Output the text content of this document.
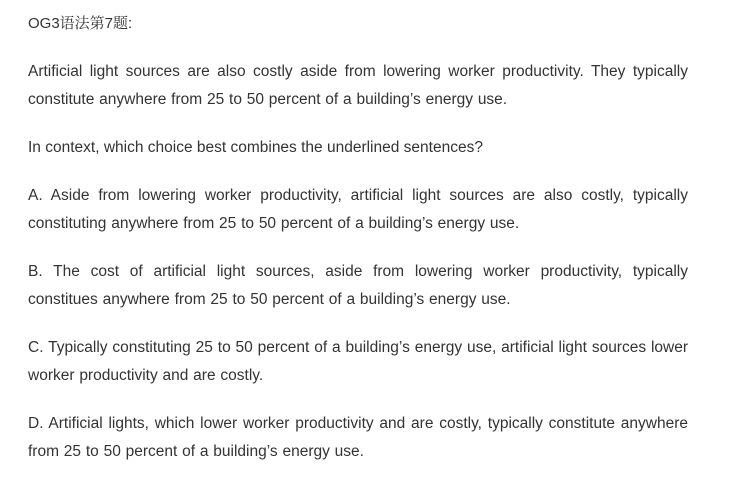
OG3语法第7题:

Artificial light sources are also costly aside from lowering worker productivity. They typically constitute anywhere from 25 to 50 percent of a building’s energy use.

In context, which choice best combines the underlined sentences?

A. Aside from lowering worker productivity, artificial light sources are also costly, typically constituting anywhere from 25 to 50 percent of a building’s energy use.

B. The cost of artificial light sources, aside from lowering worker productivity, typically constitues anywhere from 25 to 50 percent of a building’s energy use.

C. Typically constituting 25 to 50 percent of a building’s energy use, artificial light sources lower worker productivity and are costly.

D. Artificial lights, which lower worker productivity and are costly, typically constitute anywhere from 25 to 50 percent of a building’s energy use.
